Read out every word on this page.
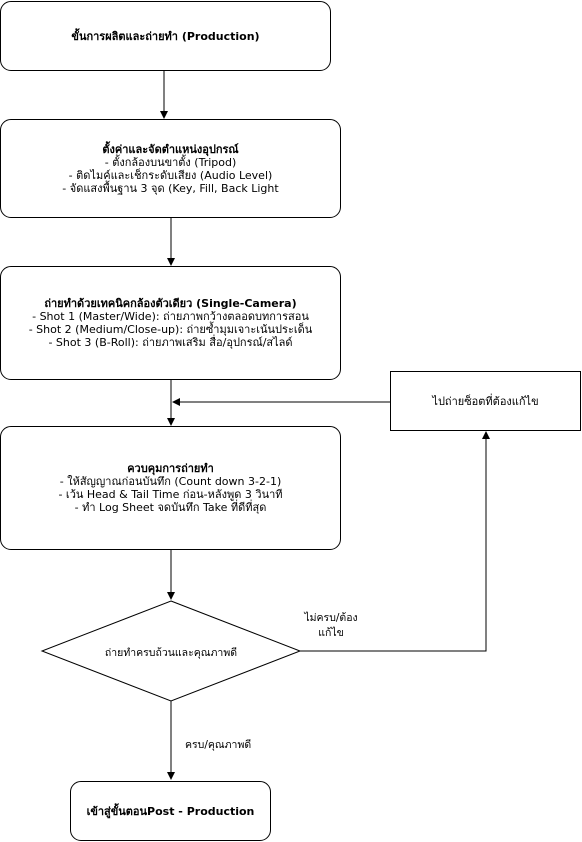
ขั้นการผลิตและถ่ายทำ (Production)
ตั้งค่าและจัดตำแหน่งอุปกรณ์
- ตั้งกล้องบนขาตั้ง (Tripod)
- ติดไมค์และเช็กระดับเสียง (Audio Level)
- จัดแสงพื้นฐาน 3 จุด (Key, Fill, Back Light
ถ่ายทำด้วยเทคนิคกล้องตัวเดียว (Single-Camera)
- Shot 1 (Master/Wide): ถ่ายภาพกว้างตลอดบทการสอน
- Shot 2 (Medium/Close-up): ถ่ายซ้ำมุมเจาะเน้นประเด็น
- Shot 3 (B-Roll): ถ่ายภาพเสริม สื่อ/อุปกรณ์/สไลด์
ไปถ่ายซ็อตที่ต้องแก้ไข
ควบคุมการถ่ายทำ
- ให้สัญญาณก่อนบันทึก (Count down 3-2-1)
- เว้น Head & Tail Time ก่อน-หลังพูด 3 วินาที
- ทำ Log Sheet จดบันทึก Take ที่ดีที่สุด
ถ่ายทำครบถ้วนและคุณภาพดี
ไม่ครบ/ต้อง
แก้ไข
ครบ/คุณภาพดี
เข้าสู่ขั้นตอนPost - Production
